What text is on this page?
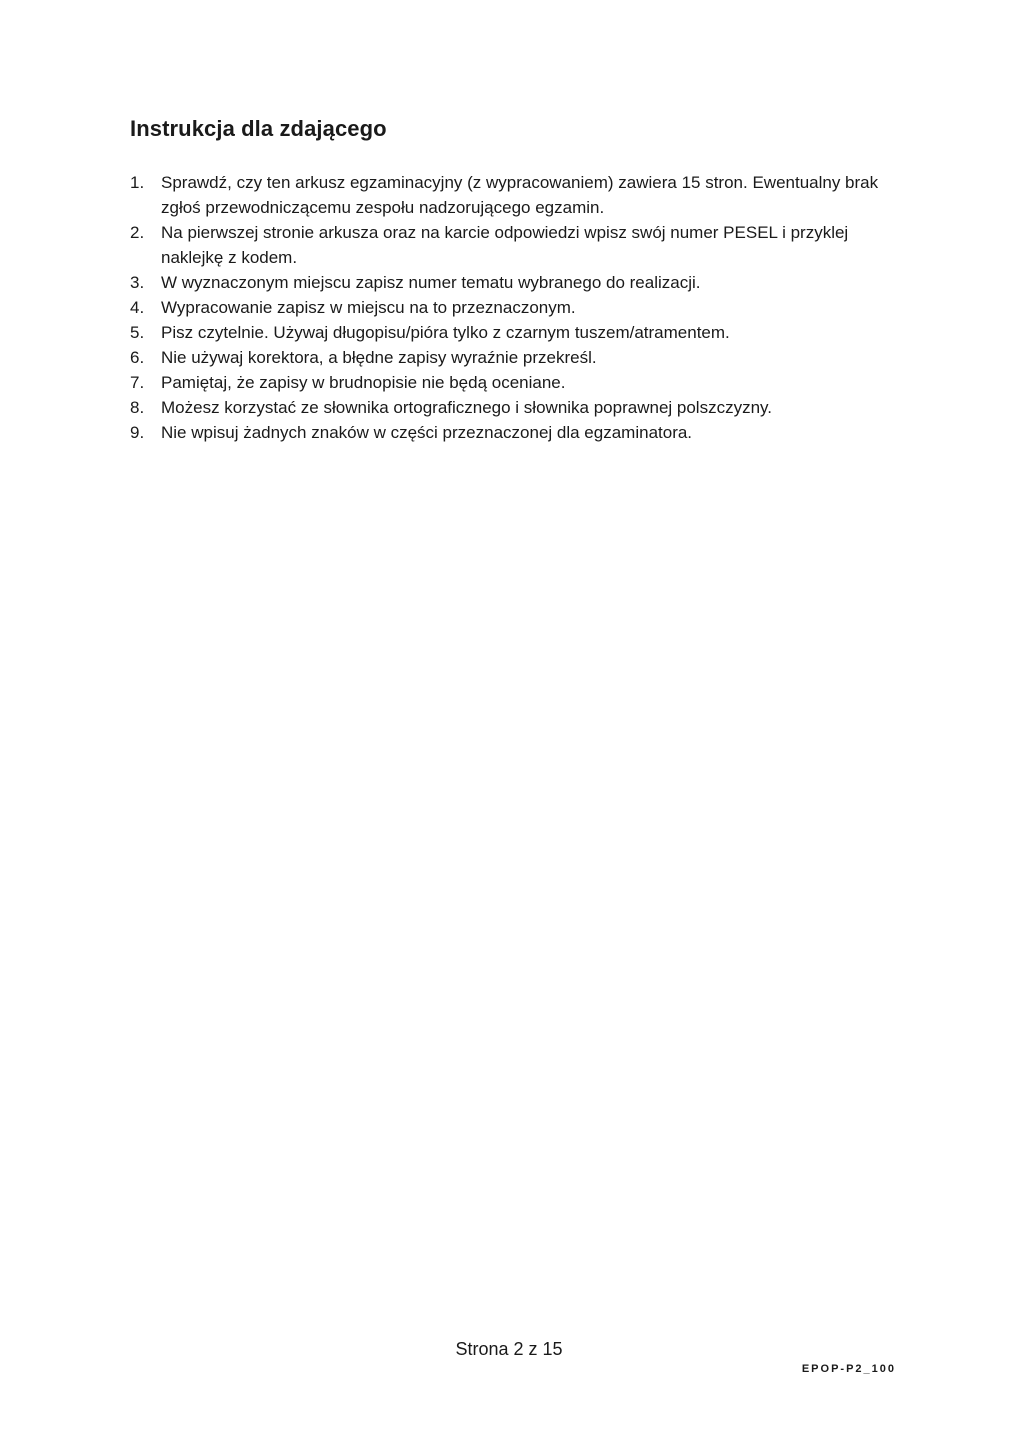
Instrukcja dla zdającego
1. Sprawdź, czy ten arkusz egzaminacyjny (z wypracowaniem) zawiera 15 stron. Ewentualny brak zgłoś przewodniczącemu zespołu nadzorującego egzamin.
2. Na pierwszej stronie arkusza oraz na karcie odpowiedzi wpisz swój numer PESEL i przyklej naklejkę z kodem.
3. W wyznaczonym miejscu zapisz numer tematu wybranego do realizacji.
4. Wypracowanie zapisz w miejscu na to przeznaczonym.
5. Pisz czytelnie. Używaj długopisu/pióra tylko z czarnym tuszem/atramentem.
6. Nie używaj korektora, a błędne zapisy wyraźnie przekreśl.
7. Pamiętaj, że zapisy w brudnopisie nie będą oceniane.
8. Możesz korzystać ze słownika ortograficznego i słownika poprawnej polszczyzny.
9. Nie wpisuj żadnych znaków w części przeznaczonej dla egzaminatora.
Strona 2 z 15
EPOP-P2_100
